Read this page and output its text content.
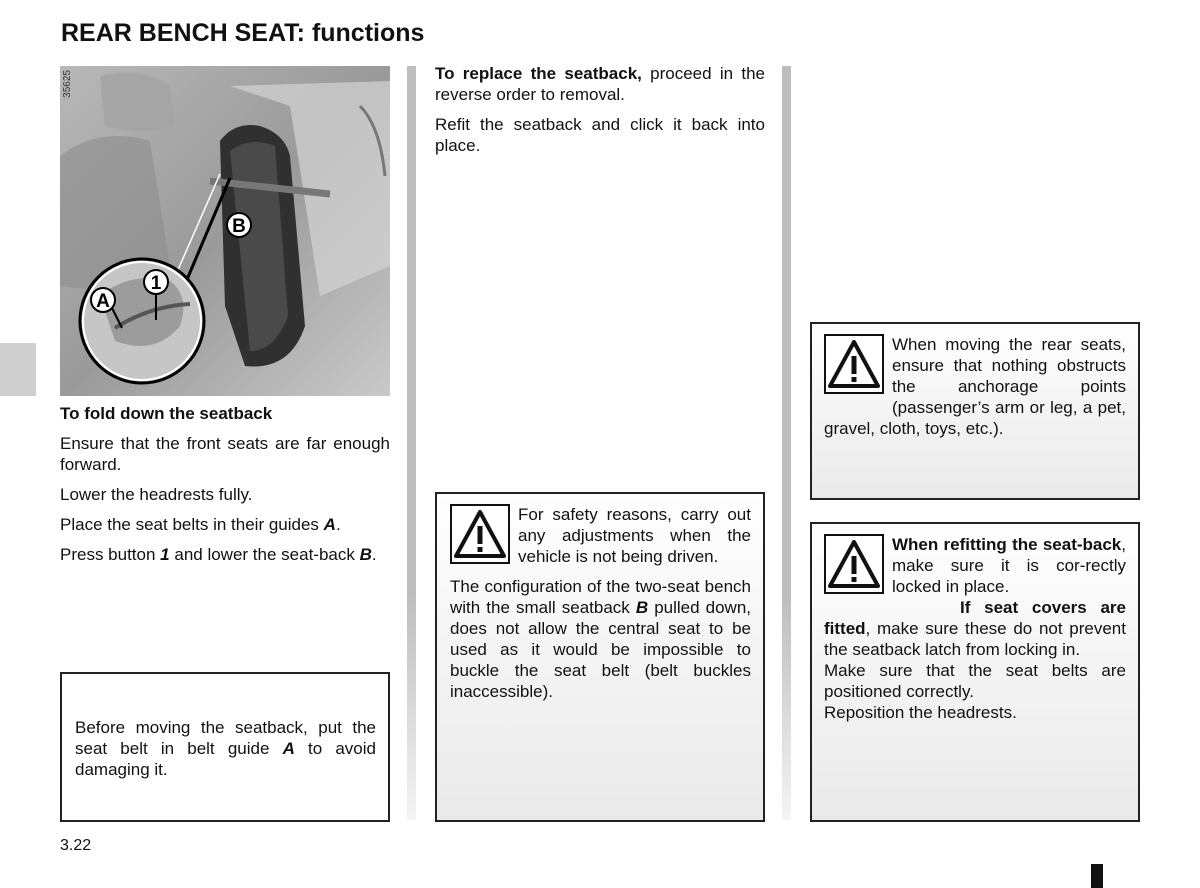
REAR BENCH SEAT: functions
B
1
A
35625
To fold down the seatback

Ensure that the front seats are far enough forward.

Lower the headrests fully.

Place the seat belts in their guides A.

Press button 1 and lower the seat-back B.

Before moving the seatback, put the seat belt in belt guide A to avoid damaging it.

To replace the seatback, proceed in the reverse order to removal.

Refit the seatback and click it back into place.

For safety reasons, carry out any adjustments when the vehicle is not being driven.

The configuration of the two-seat bench with the small seatback B pulled down, does not allow the central seat to be used as it would be impossible to buckle the seat belt (belt buckles inaccessible).

When moving the rear seats, ensure that nothing obstructs the anchorage points (passenger’s arm or leg, a pet, gravel, cloth, toys, etc.).

When refitting the seat-back, make sure it is cor-rectly locked in place.

If seat covers are fitted, make sure these do not prevent the seatback latch from locking in.

Make sure that the seat belts are positioned correctly.

Reposition the headrests.

3.22
